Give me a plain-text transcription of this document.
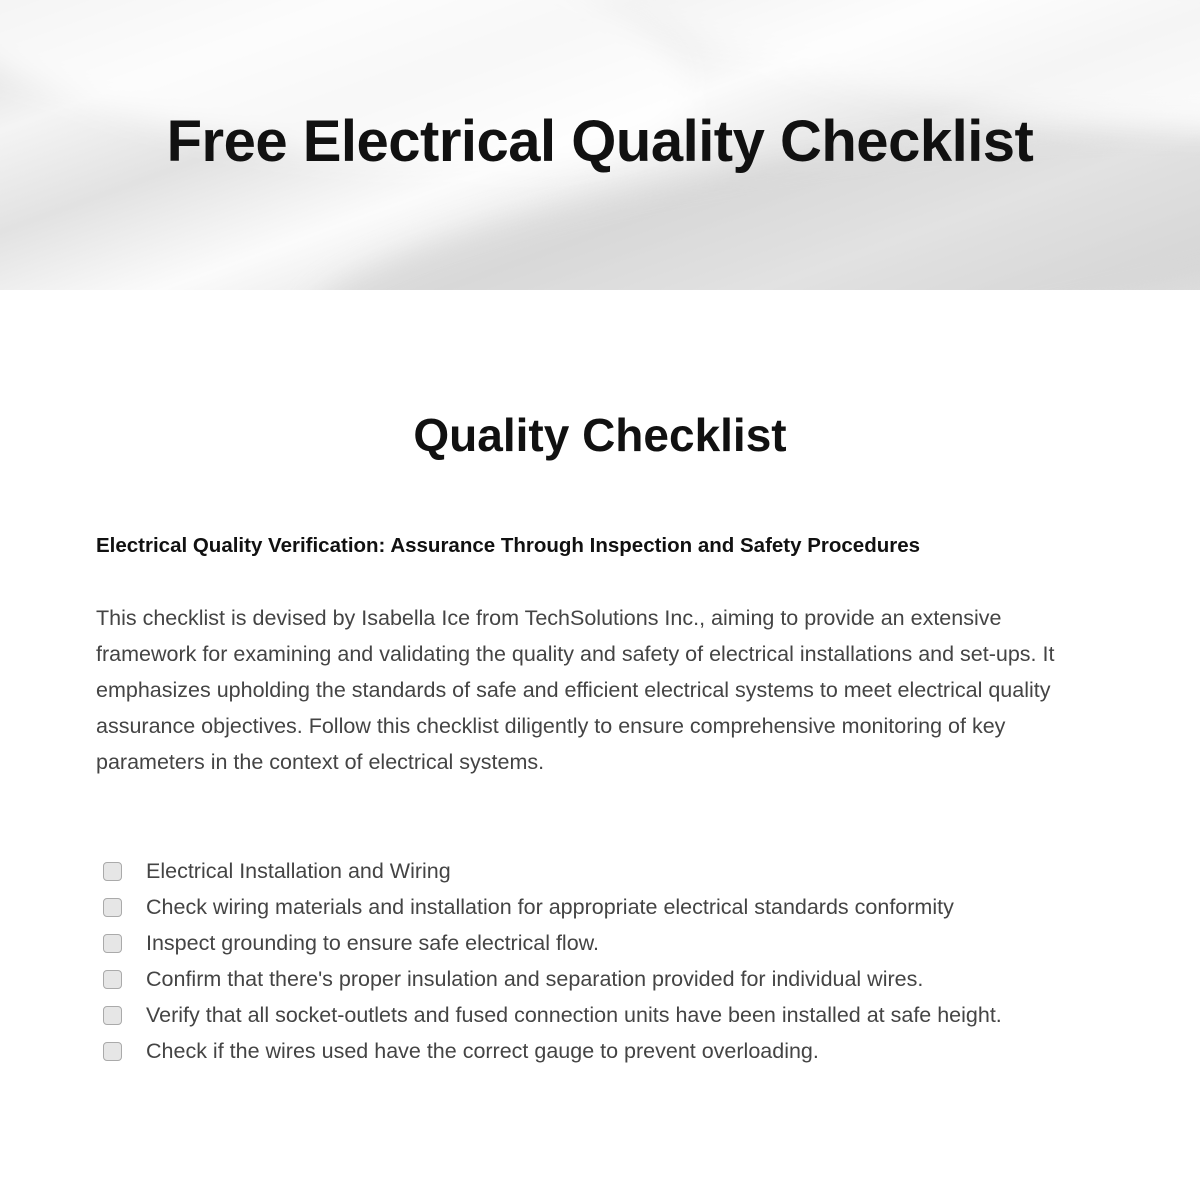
Free Electrical Quality Checklist
Quality Checklist
Electrical Quality Verification: Assurance Through Inspection and Safety Procedures

This checklist is devised by Isabella Ice from TechSolutions Inc., aiming to provide an extensive framework for examining and validating the quality and safety of electrical installations and set-ups. It emphasizes upholding the standards of safe and efficient electrical systems to meet electrical quality assurance objectives. Follow this checklist diligently to ensure comprehensive monitoring of key parameters in the context of electrical systems.

Electrical Installation and Wiring
Check wiring materials and installation for appropriate electrical standards conformity
Inspect grounding to ensure safe electrical flow.
Confirm that there's proper insulation and separation provided for individual wires.
Verify that all socket-outlets and fused connection units have been installed at safe height.
Check if the wires used have the correct gauge to prevent overloading.
